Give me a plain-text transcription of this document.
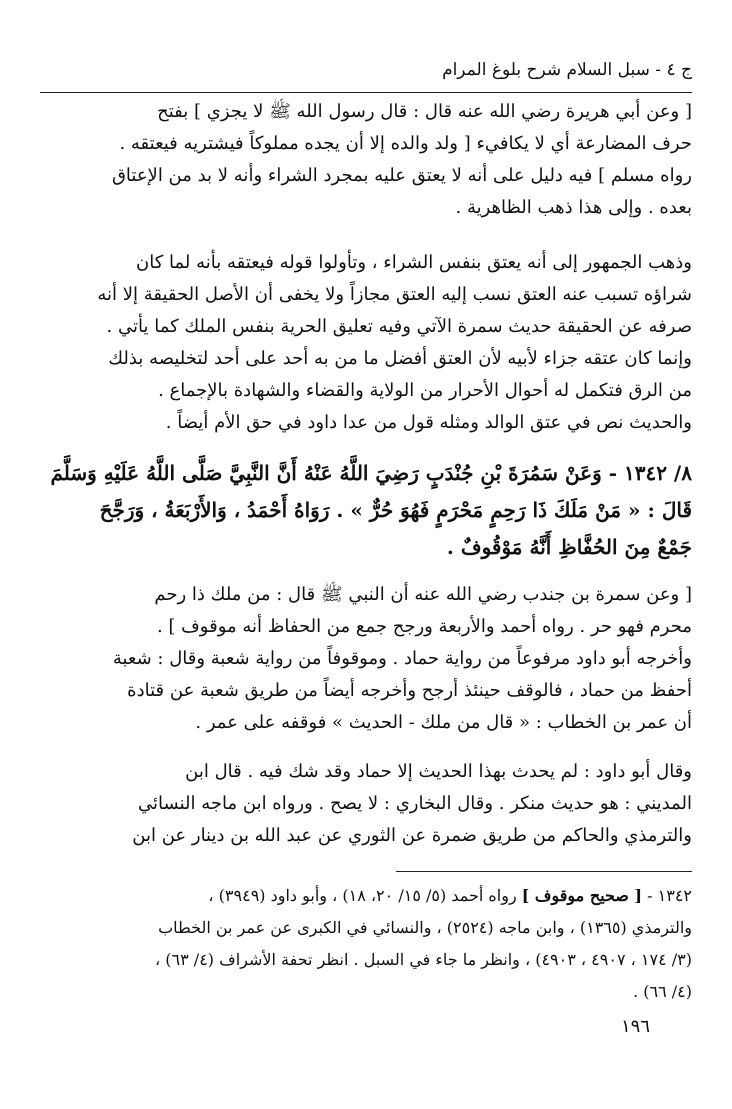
ج ٤ - سبل السلام شرح بلوغ المرام

[ وعن أبي هريرة رضي الله عنه قال : قال رسول الله ﷺ لا يجزي ] بفتح

حرف المضارعة أي لا يكافيء [ ولد والده إلا أن يجده مملوكاً فيشتريه فيعتقه .

رواه مسلم ] فيه دليل على أنه لا يعتق عليه بمجرد الشراء وأنه لا بد من الإعتاق

بعده . وإلى هذا ذهب الظاهرية .

وذهب الجمهور إلى أنه يعتق بنفس الشراء ، وتأولوا قوله فيعتقه بأنه لما كان

شراؤه تسبب عنه العتق نسب إليه العتق مجازاً ولا يخفى أن الأصل الحقيقة إلا أنه

صرفه عن الحقيقة حديث سمرة الآتي وفيه تعليق الحرية بنفس الملك كما يأتي .

وإنما كان عتقه جزاء لأبيه لأن العتق أفضل ما من به أحد على أحد لتخليصه بذلك

من الرق فتكمل له أحوال الأحرار من الولاية والقضاء والشهادة بالإجماع .

والحديث نص في عتق الوالد ومثله قول من عدا داود في حق الأم أيضاً .

٨/ ١٣٤٢ - وَعَنْ سَمُرَةَ بْنِ جُنْدَبٍ رَضِيَ اللَّهُ عَنْهُ أَنَّ النَّبِيَّ صَلَّى اللَّهُ عَلَيْهِ وَسَلَّمَ

قَالَ : « مَنْ مَلَكَ ذَا رَحِمٍ مَحْرَمٍ فَهُوَ حُرٌّ » . رَوَاهُ أَحْمَدُ ، وَالأَرْبَعَةُ ، وَرَجَّحَ

جَمْعٌ مِنَ الحُفَّاظِ أَنَّهُ مَوْقُوفٌ .

[ وعن سمرة بن جندب رضي الله عنه أن النبي ﷺ قال : من ملك ذا رحم

محرم فهو حر . رواه أحمد والأربعة ورجح جمع من الحفاظ أنه موقوف ] .

وأخرجه أبو داود مرفوعاً من رواية حماد . وموقوفاً من رواية شعبة وقال : شعبة

أحفظ من حماد ، فالوقف حينئذ أرجح وأخرجه أيضاً من طريق شعبة عن قتادة

أن عمر بن الخطاب : « قال من ملك - الحديث » فوقفه على عمر .

وقال أبو داود : لم يحدث بهذا الحديث إلا حماد وقد شك فيه . قال ابن

المديني : هو حديث منكر . وقال البخاري : لا يصح . ورواه ابن ماجه النسائي

والترمذي والحاكم من طريق ضمرة عن الثوري عن عبد الله بن دينار عن ابن

١٣٤٢ - [ صحيح موقوف ] رواه أحمد (٥/ ١٥/ ٢٠، ١٨) ، وأبو داود (٣٩٤٩) ،

والترمذي (١٣٦٥) ، وابن ماجه (٢٥٢٤) ، والنسائي في الكبرى عن عمر بن الخطاب

(٣/ ١٧٤ ، ٤٩٠٧ ، ٤٩٠٣) ، وانظر ما جاء في السبل . انظر تحفة الأشراف (٤/ ٦٣) ،

(٤/ ٦٦) .

١٩٦
